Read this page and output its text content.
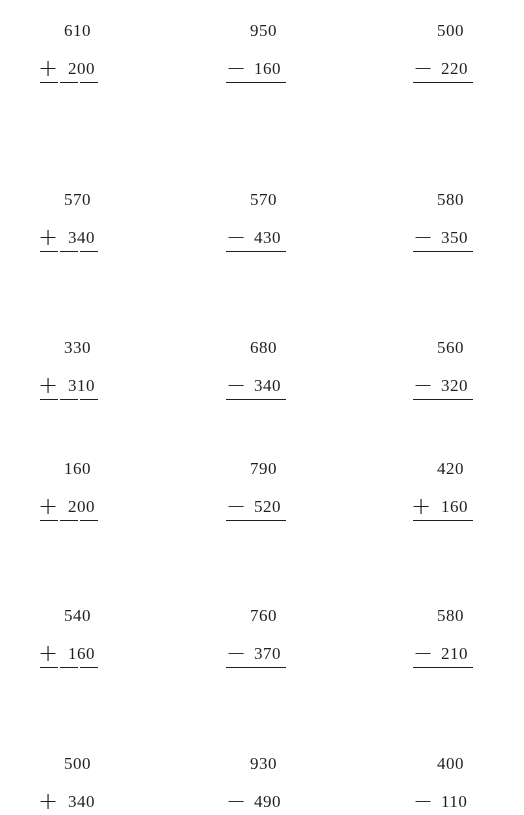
610
+ 200
950
− 160
500
− 220
570
+ 340
570
− 430
580
− 350
330
+ 310
680
− 340
560
− 320
160
+ 200
790
− 520
420
+ 160
540
+ 160
760
− 370
580
− 210
500
+ 340
930
− 490
400
− 110
